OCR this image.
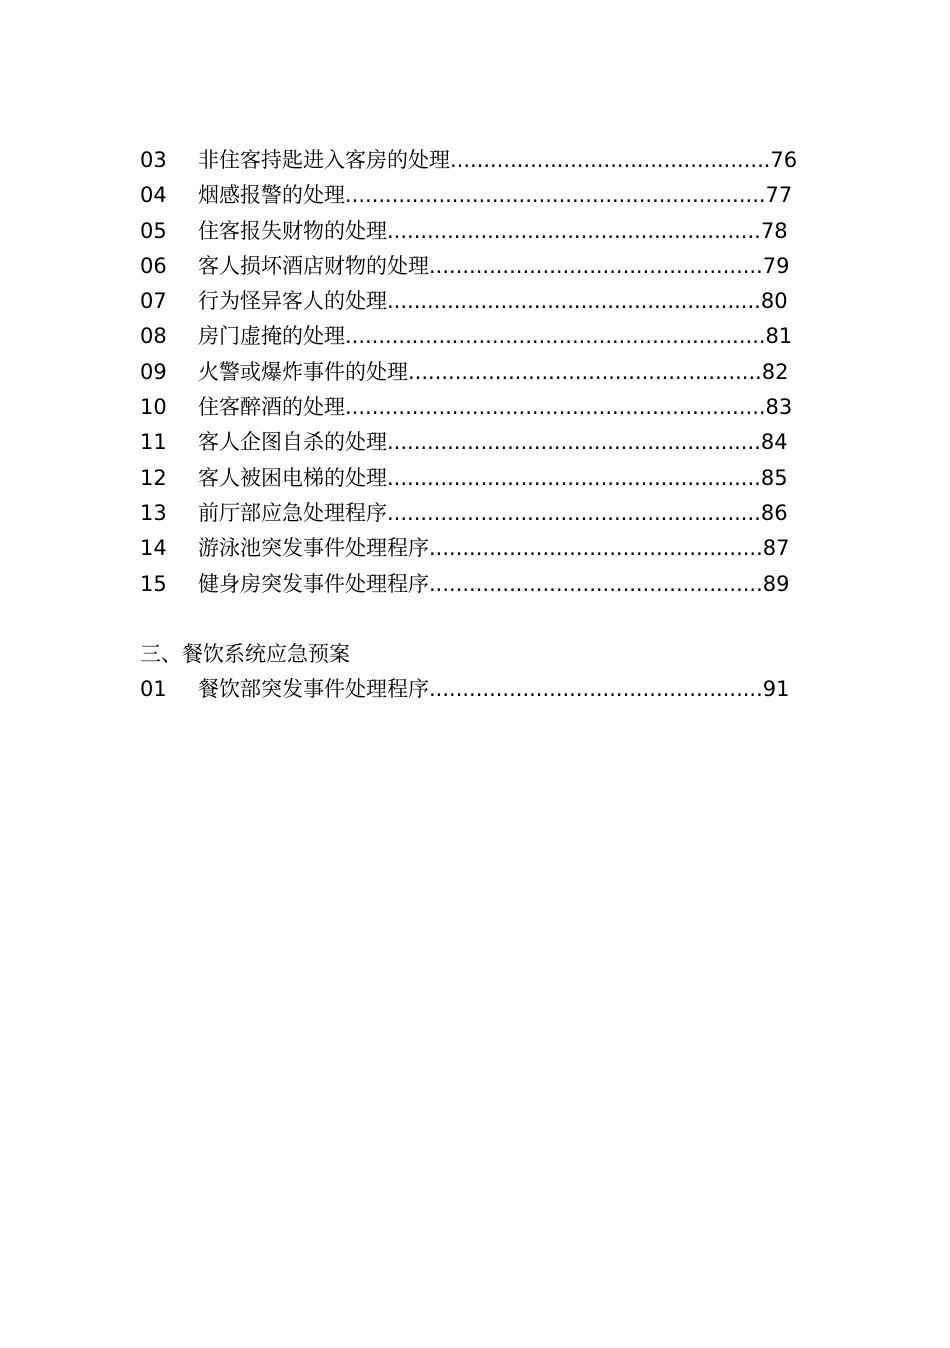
03 非住客持匙进入客房的处理................................................76
04 烟感报警的处理...............................................................77
05 住客报失财物的处理........................................................78
06 客人损坏酒店财物的处理..................................................79
07 行为怪异客人的处理........................................................80
08 房门虚掩的处理...............................................................81
09 火警或爆炸事件的处理.....................................................82
10 住客醉酒的处理...............................................................83
11 客人企图自杀的处理........................................................84
12 客人被困电梯的处理........................................................85
13 前厅部应急处理程序........................................................86
14 游泳池突发事件处理程序..................................................87
15 健身房突发事件处理程序..................................................89
三、餐饮系统应急预案
01 餐饮部突发事件处理程序..................................................91
